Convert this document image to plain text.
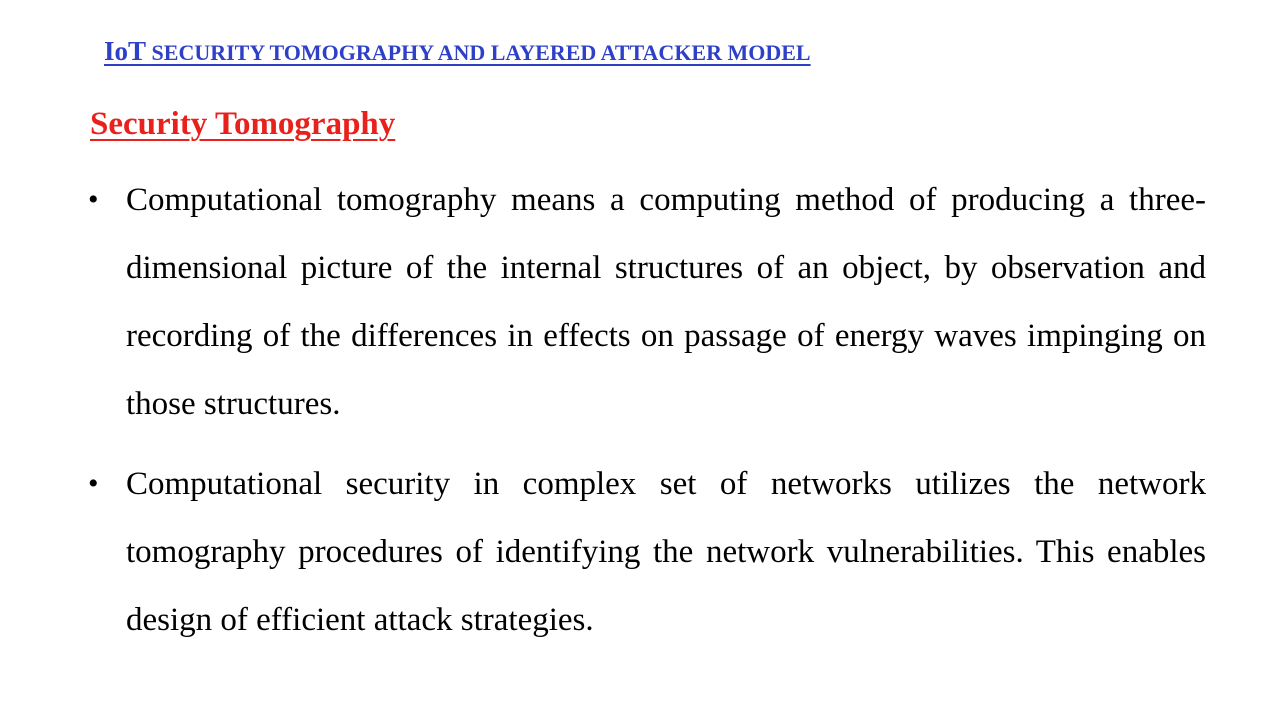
IoT SECURITY TOMOGRAPHY AND LAYERED ATTACKER MODEL
Security Tomography
• Computational tomography means a computing method of producing a three-dimensional picture of the internal structures of an object, by observation and recording of the differences in effects on passage of energy waves impinging on those structures.
• Computational security in complex set of networks utilizes the network tomography procedures of identifying the network vulnerabilities. This enables design of efficient attack strategies.
